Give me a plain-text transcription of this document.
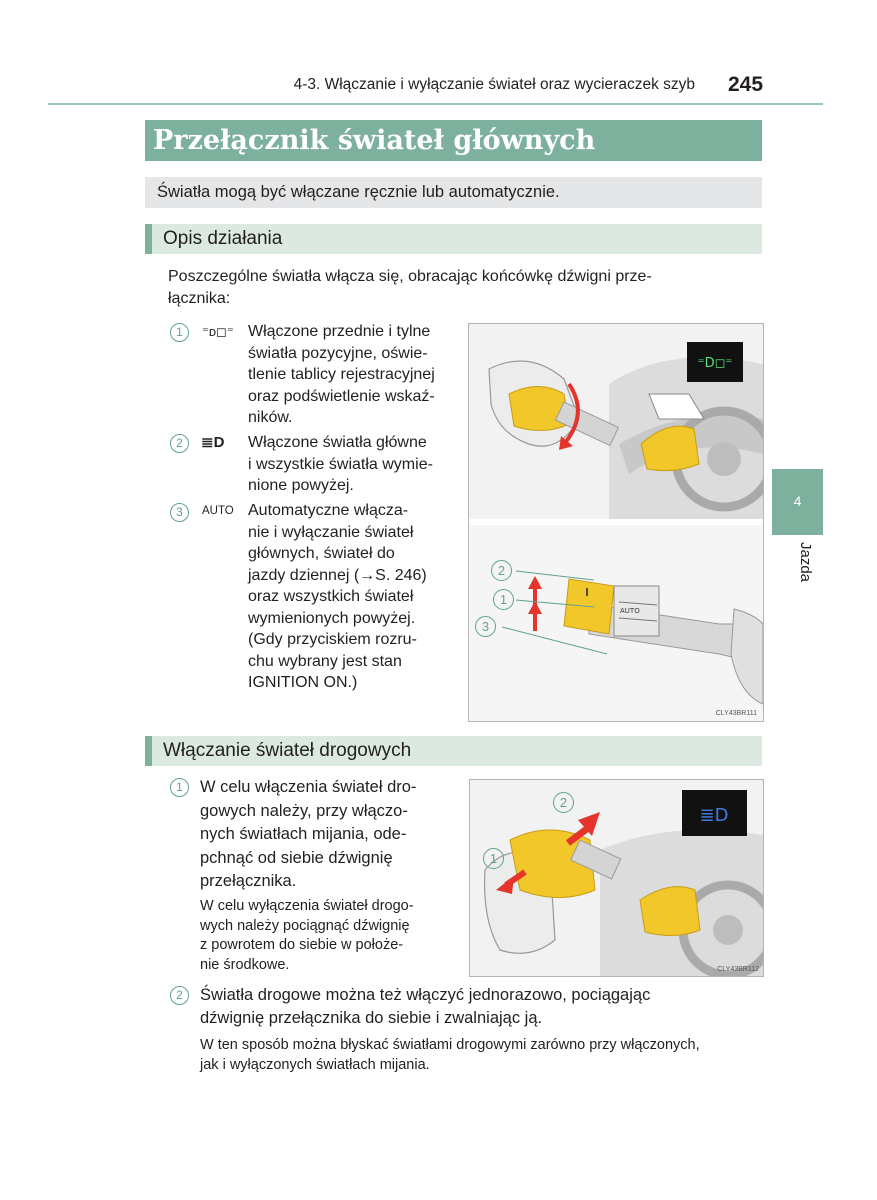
4-3. Włączanie i wyłączanie świateł oraz wycieraczek szyb 245
Przełącznik świateł głównych
Światła mogą być włączane ręcznie lub automatycznie.
Opis działania
Poszczególne światła włącza się, obracając końcówkę dźwigni prze-
łącznika:
1	⁼ᴅ◻⁼ Włączone przednie i tylne
światła pozycyjne, oświe-
tlenie tablicy rejestracyjnej
oraz podświetlenie wskaź-
ników.
2	≣D Włączone światła główne
i wszystkie światła wymie-
nione powyżej.
3	AUTO Automatyczne włącza-
nie i wyłączanie świateł
głównych, świateł do
jazdy dziennej (→S. 246)
oraz wszystkich świateł
wymienionych powyżej.
(Gdy przyciskiem rozru-
chu wybrany jest stan
IGNITION ON.)
⁼D◻⁼
AUTO
2
1
3
CLY43BR111
Włączanie świateł drogowych
1	W celu włączenia świateł dro-
gowych należy, przy włączo-
nych światłach mijania, ode-
pchnąć od siebie dźwignię
przełącznika.
W celu wyłączenia świateł drogo-
wych należy pociągnąć dźwignię
z powrotem do siebie w położe-
nie środkowe.
≣D
2
1
CLY43BR112
2	Światła drogowe można też włączyć jednorazowo, pociągając
dźwignię przełącznika do siebie i zwalniając ją.
W ten sposób można błyskać światłami drogowymi zarówno przy włączonych,
jak i wyłączonych światłach mijania.
4
Jazda
